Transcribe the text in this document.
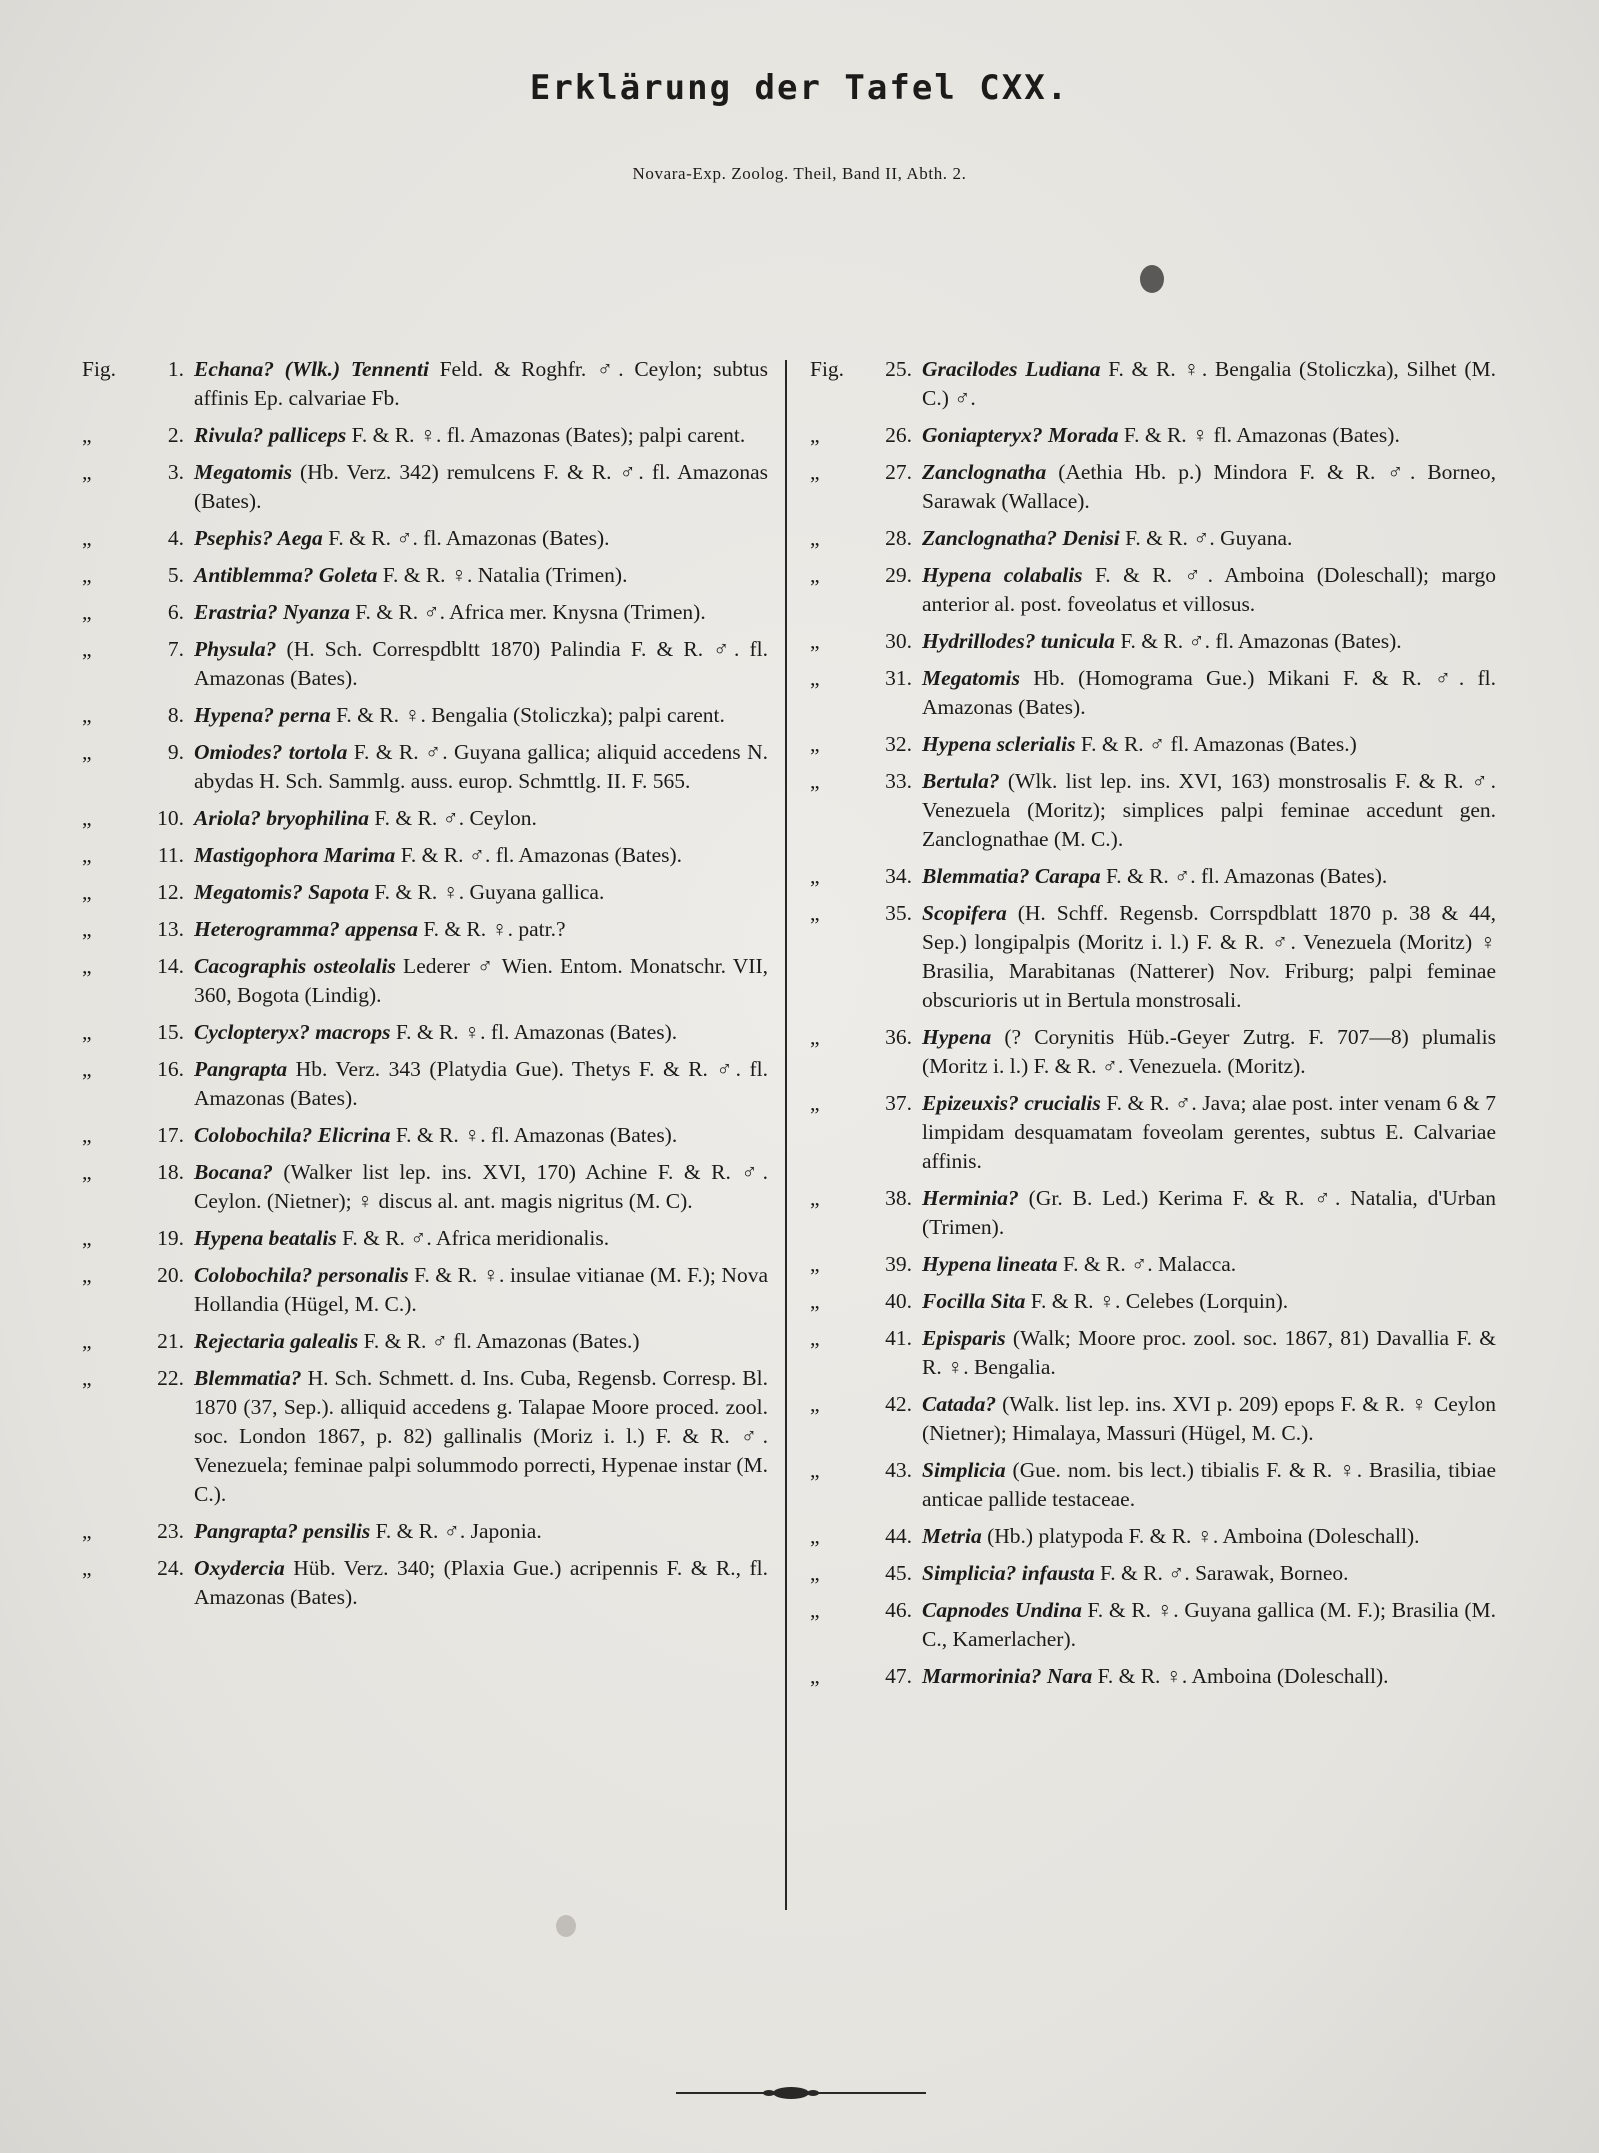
Erklärung der Tafel CXX.
Novara-Exp. Zoolog. Theil, Band II, Abth. 2.
Fig.	1. Echana? (Wlk.) Tennenti Feld. & Roghfr. ♂. Ceylon; subtus affinis Ep. calvariae Fb.
„	2. Rivula? palliceps F. & R. ♀. fl. Amazonas (Bates); palpi carent.
„	3. Megatomis (Hb. Verz. 342) remulcens F. & R. ♂. fl. Amazonas (Bates).
„	4. Psephis? Aega F. & R. ♂. fl. Amazonas (Bates).
„	5. Antiblemma? Goleta F. & R. ♀. Natalia (Trimen).
„	6. Erastria? Nyanza F. & R. ♂. Africa mer. Knysna (Trimen).
„	7. Physula? (H. Sch. Correspdbltt 1870) Palindia F. & R. ♂. fl. Amazonas (Bates).
„	8. Hypena? perna F. & R. ♀. Bengalia (Stoliczka); palpi carent.
„	9. Omiodes? tortola F. & R. ♂. Guyana gallica; aliquid accedens N. abydas H. Sch. Sammlg. auss. europ. Schmttlg. II. F. 565.
„	10. Ariola? bryophilina F. & R. ♂. Ceylon.
„	11. Mastigophora Marima F. & R. ♂. fl. Amazonas (Bates).
„	12. Megatomis? Sapota F. & R. ♀. Guyana gallica.
„	13. Heterogramma? appensa F. & R. ♀. patr.?
„	14. Cacographis osteolalis Lederer ♂ Wien. Entom. Monatschr. VII, 360, Bogota (Lindig).
„	15. Cyclopteryx? macrops F. & R. ♀. fl. Amazonas (Bates).
„	16. Pangrapta Hb. Verz. 343 (Platydia Gue). Thetys F. & R. ♂. fl. Amazonas (Bates).
„	17. Colobochila? Elicrina F. & R. ♀. fl. Amazonas (Bates).
„	18. Bocana? (Walker list lep. ins. XVI, 170) Achine F. & R. ♂. Ceylon. (Nietner); ♀ discus al. ant. magis nigritus (M. C).
„	19. Hypena beatalis F. & R. ♂. Africa meridionalis.
„	20. Colobochila? personalis F. & R. ♀. insulae vitianae (M. F.); Nova Hollandia (Hügel, M. C.).
„	21. Rejectaria galealis F. & R. ♂ fl. Amazonas (Bates.)
„	22. Blemmatia? H. Sch. Schmett. d. Ins. Cuba, Regensb. Corresp. Bl. 1870 (37, Sep.). alliquid accedens g. Talapae Moore proced. zool. soc. London 1867, p. 82) gallinalis (Moriz i. l.) F. & R. ♂. Venezuela; feminae palpi solummodo porrecti, Hypenae instar (M. C.).
„	23. Pangrapta? pensilis F. & R. ♂. Japonia.
„	24. Oxydercia Hüb. Verz. 340; (Plaxia Gue.) acripennis F. & R., fl. Amazonas (Bates).
Fig.	25. Gracilodes Ludiana F. & R. ♀. Bengalia (Stoliczka), Silhet (M. C.) ♂.
„	26. Goniapteryx? Morada F. & R. ♀ fl. Amazonas (Bates).
„	27. Zanclognatha (Aethia Hb. p.) Mindora F. & R. ♂. Borneo, Sarawak (Wallace).
„	28. Zanclognatha? Denisi F. & R. ♂. Guyana.
„	29. Hypena colabalis F. & R. ♂. Amboina (Doleschall); margo anterior al. post. foveolatus et villosus.
„	30. Hydrillodes? tunicula F. & R. ♂. fl. Amazonas (Bates).
„	31. Megatomis Hb. (Homograma Gue.) Mikani F. & R. ♂. fl. Amazonas (Bates).
„	32. Hypena sclerialis F. & R. ♂ fl. Amazonas (Bates.)
„	33. Bertula? (Wlk. list lep. ins. XVI, 163) monstrosalis F. & R. ♂. Venezuela (Moritz); simplices palpi feminae accedunt gen. Zanclognathae (M. C.).
„	34. Blemmatia? Carapa F. & R. ♂. fl. Amazonas (Bates).
„	35. Scopifera (H. Schff. Regensb. Corrspdblatt 1870 p. 38 & 44, Sep.) longipalpis (Moritz i. l.) F. & R. ♂. Venezuela (Moritz) ♀ Brasilia, Marabitanas (Natterer) Nov. Friburg; palpi feminae obscurioris ut in Bertula monstrosali.
„	36. Hypena (? Corynitis Hüb.-Geyer Zutrg. F. 707—8) plumalis (Moritz i. l.) F. & R. ♂. Venezuela. (Moritz).
„	37. Epizeuxis? crucialis F. & R. ♂. Java; alae post. inter venam 6 & 7 limpidam desquamatam foveolam gerentes, subtus E. Calvariae affinis.
„	38. Herminia? (Gr. B. Led.) Kerima F. & R. ♂. Natalia, d'Urban (Trimen).
„	39. Hypena lineata F. & R. ♂. Malacca.
„	40. Focilla Sita F. & R. ♀. Celebes (Lorquin).
„	41. Episparis (Walk; Moore proc. zool. soc. 1867, 81) Davallia F. & R. ♀. Bengalia.
„	42. Catada? (Walk. list lep. ins. XVI p. 209) epops F. & R. ♀ Ceylon (Nietner); Himalaya, Massuri (Hügel, M. C.).
„	43. Simplicia (Gue. nom. bis lect.) tibialis F. & R. ♀. Brasilia, tibiae anticae pallide testaceae.
„	44. Metria (Hb.) platypoda F. & R. ♀. Amboina (Doleschall).
„	45. Simplicia? infausta F. & R. ♂. Sarawak, Borneo.
„	46. Capnodes Undina F. & R. ♀. Guyana gallica (M. F.); Brasilia (M. C., Kamerlacher).
„	47. Marmorinia? Nara F. & R. ♀. Amboina (Doleschall).
